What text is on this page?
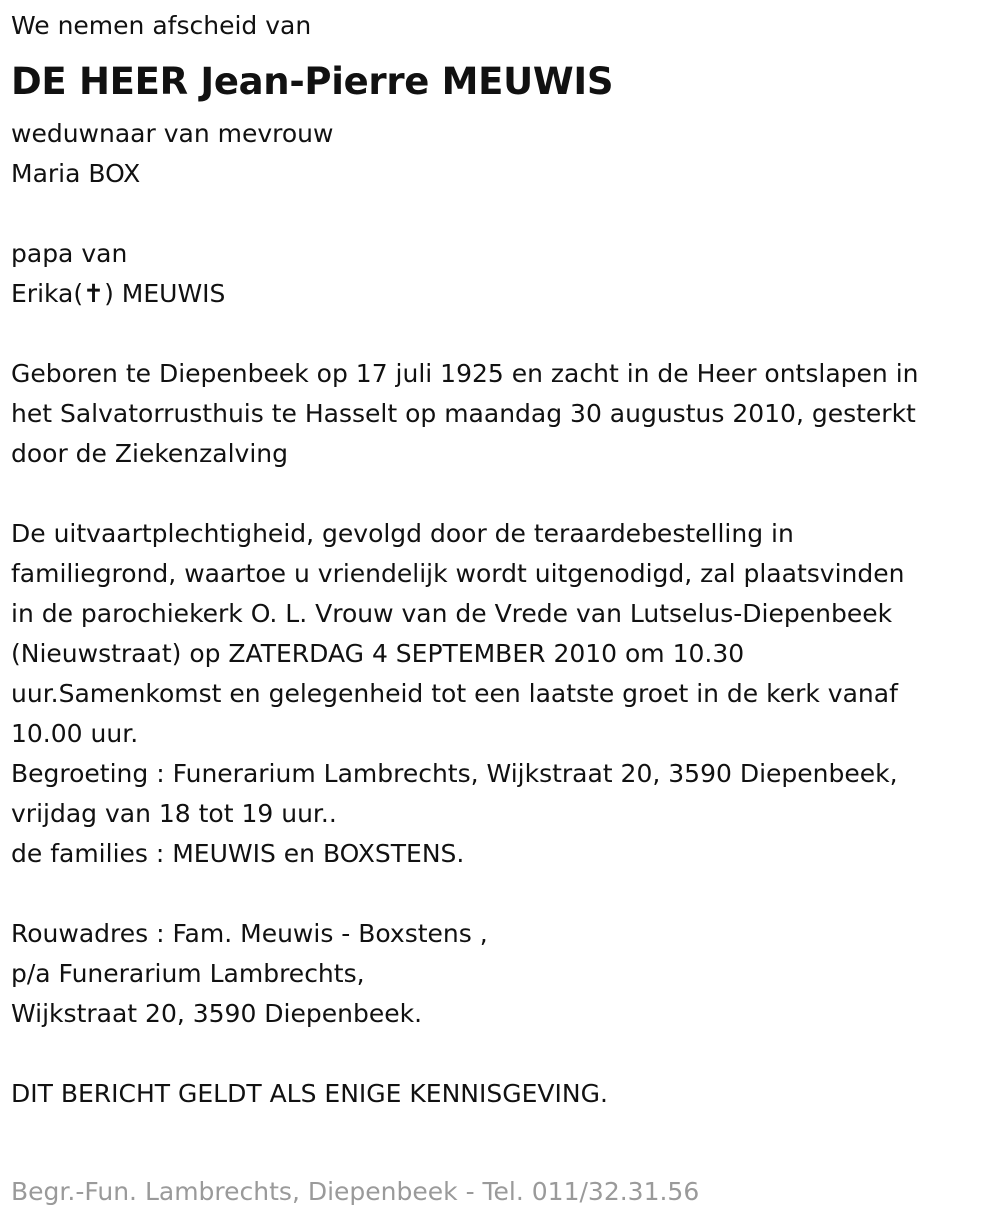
We nemen afscheid van
DE HEER Jean-Pierre MEUWIS
weduwnaar van mevrouw
Maria BOX
papa van
Erika(✝) MEUWIS
Geboren te Diepenbeek op 17 juli 1925 en zacht in de Heer ontslapen in
het Salvatorrusthuis te Hasselt op maandag 30 augustus 2010, gesterkt
door de Ziekenzalving
De uitvaartplechtigheid, gevolgd door de teraardebestelling in
familiegrond, waartoe u vriendelijk wordt uitgenodigd, zal plaatsvinden
in de parochiekerk O. L. Vrouw van de Vrede van Lutselus-Diepenbeek
(Nieuwstraat) op ZATERDAG 4 SEPTEMBER 2010 om 10.30
uur.Samenkomst en gelegenheid tot een laatste groet in de kerk vanaf
10.00 uur.
Begroeting : Funerarium Lambrechts, Wijkstraat 20, 3590 Diepenbeek,
vrijdag van 18 tot 19 uur..
de families : MEUWIS en BOXSTENS.
Rouwadres : Fam. Meuwis - Boxstens ,
p/a Funerarium Lambrechts,
Wijkstraat 20, 3590 Diepenbeek.
DIT BERICHT GELDT ALS ENIGE KENNISGEVING.
Begr.-Fun. Lambrechts, Diepenbeek - Tel. 011/32.31.56
